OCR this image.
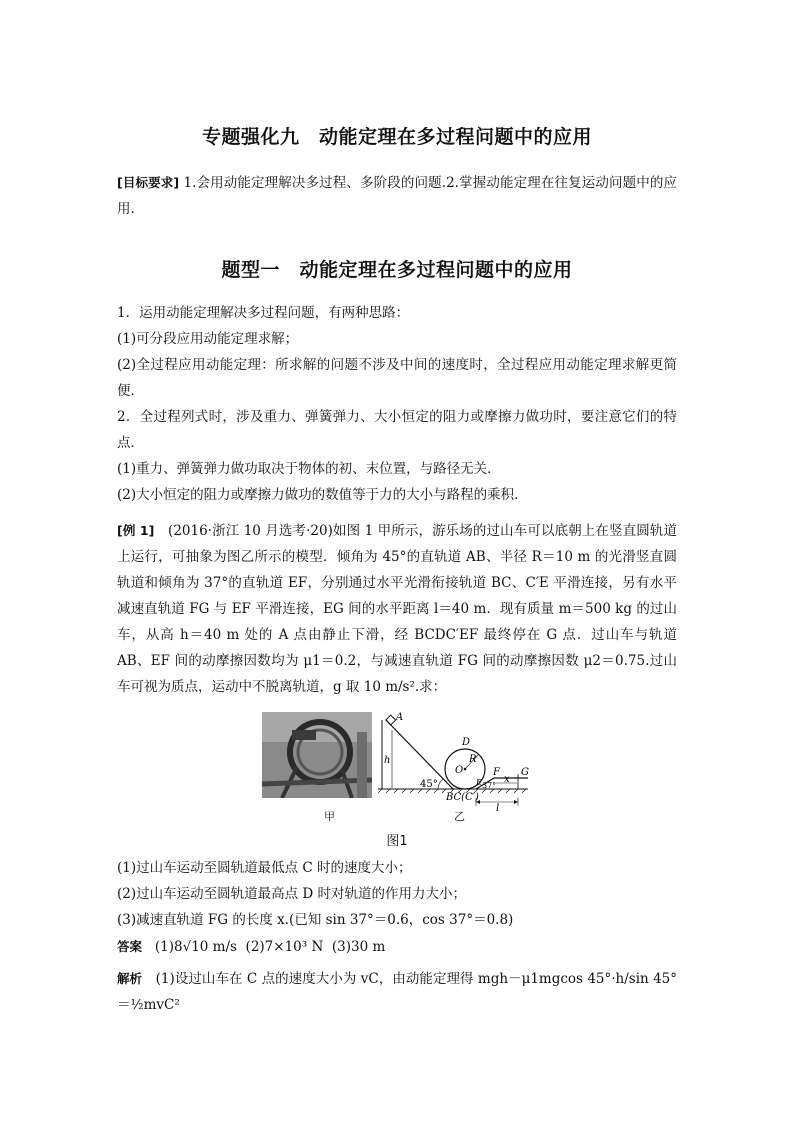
专题强化九　动能定理在多过程问题中的应用
[目标要求] 1.会用动能定理解决多过程、多阶段的问题.2.掌握动能定理在往复运动问题中的应用.
题型一　动能定理在多过程问题中的应用
1．运用动能定理解决多过程问题，有两种思路：
(1)可分段应用动能定理求解；
(2)全过程应用动能定理：所求解的问题不涉及中间的速度时，全过程应用动能定理求解更简便．
2．全过程列式时，涉及重力、弹簧弹力、大小恒定的阻力或摩擦力做功时，要注意它们的特点．
(1)重力、弹簧弹力做功取决于物体的初、末位置，与路径无关．
(2)大小恒定的阻力或摩擦力做功的数值等于力的大小与路程的乘积．
[例 1]　(2016·浙江 10 月选考·20)如图 1 甲所示，游乐场的过山车可以底朝上在竖直圆轨道上运行，可抽象为图乙所示的模型．倾角为 45°的直轨道 AB、半径 R＝10 m 的光滑竖直圆轨道和倾角为 37°的直轨道 EF，分别通过水平光滑衔接轨道 BC、C′E 平滑连接，另有水平减速直轨道 FG 与 EF 平滑连接，EG 间的水平距离 l＝40 m．现有质量 m＝500 kg 的过山车，从高 h＝40 m 处的 A 点由静止下滑，经 BCDC′EF 最终停在 G 点．过山车与轨道 AB、EF 间的动摩擦因数均为 μ1＝0.2，与减速直轨道 FG 间的动摩擦因数 μ2＝0.75.过山车可视为质点，运动中不脱离轨道，g 取 10 m/s².求：
A
h
D
O
R
F G
x
45°	37°
E
BC(C′)
l
甲	乙
图1
(1)过山车运动至圆轨道最低点 C 时的速度大小；
(2)过山车运动至圆轨道最高点 D 时对轨道的作用力大小；
(3)减速直轨道 FG 的长度 x.(已知 sin 37°＝0.6，cos 37°＝0.8)
答案 (1)8√10 m/s (2)7×10³ N (3)30 m
解析　(1)设过山车在 C 点的速度大小为 vC，由动能定理得 mgh－μ1mgcos 45°·h/sin 45°＝½mvC²
